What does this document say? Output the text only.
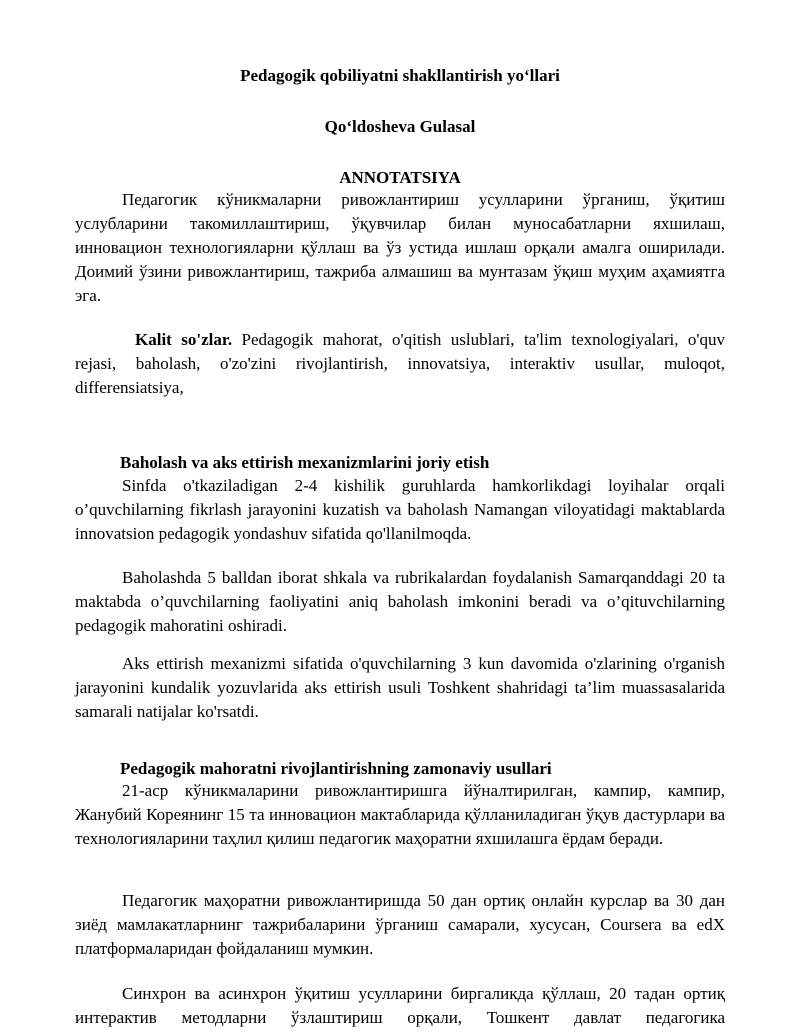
Pedagogik qobiliyatni shakllantirish yo‘llari
Qo‘ldosheva Gulasal
ANNOTATSIYA

Педагогик кўникмаларни ривожлантириш усулларини ўрганиш, ўқитиш услубларини такомиллаштириш, ўқувчилар билан муносабатларни яхшилаш, инновацион технологияларни қўллаш ва ўз устида ишлаш орқали амалга оширилади. Доимий ўзини ривожлантириш, тажриба алмашиш ва мунтазам ўқиш муҳим аҳамиятга эга.

Kalit so'zlar. Pedagogik mahorat, o'qitish uslublari, ta'lim texnologiyalari, o'quv rejasi, baholash, o'zo'zini rivojlantirish, innovatsiya, interaktiv usullar, muloqot, differensiatsiya,

Baholash va aks ettirish mexanizmlarini joriy etish

Sinfda o'tkaziladigan 2-4 kishilik guruhlarda hamkorlikdagi loyihalar orqali o’quvchilarning fikrlash jarayonini kuzatish va baholash Namangan viloyatidagi maktablarda innovatsion pedagogik yondashuv sifatida qo'llanilmoqda.

Baholashda 5 balldan iborat shkala va rubrikalardan foydalanish Samarqanddagi 20 ta maktabda o’quvchilarning faoliyatini aniq baholash imkonini beradi va o’qituvchilarning pedagogik mahoratini oshiradi.

Aks ettirish mexanizmi sifatida o'quvchilarning 3 kun davomida o'zlarining o'rganish jarayonini kundalik yozuvlarida aks ettirish usuli Toshkent shahridagi ta’lim muassasalarida samarali natijalar ko'rsatdi.

Pedagogik mahoratni rivojlantirishning zamonaviy usullari

21-аср кўникмаларини ривожлантиришга йўналтирилган, кампир, кампир, Жанубий Кореянинг 15 та инновацион мактабларида қўлланиладиган ўқув дастурлари ва технологияларини таҳлил қилиш педагогик маҳоратни яхшилашга ёрдам беради.

Педагогик маҳоратни ривожлантиришда 50 дан ортиқ онлайн курслар ва 30 дан зиёд мамлакатларнинг тажрибаларини ўрганиш самарали, хусусан, Coursera ва edX платформаларидан фойдаланиш мумкин.

Синхрон ва асинхрон ўқитиш усулларини биргаликда қўллаш, 20 тадан ортиқ интерактив методларни ўзлаштириш орқали, Тошкент давлат педагогика
